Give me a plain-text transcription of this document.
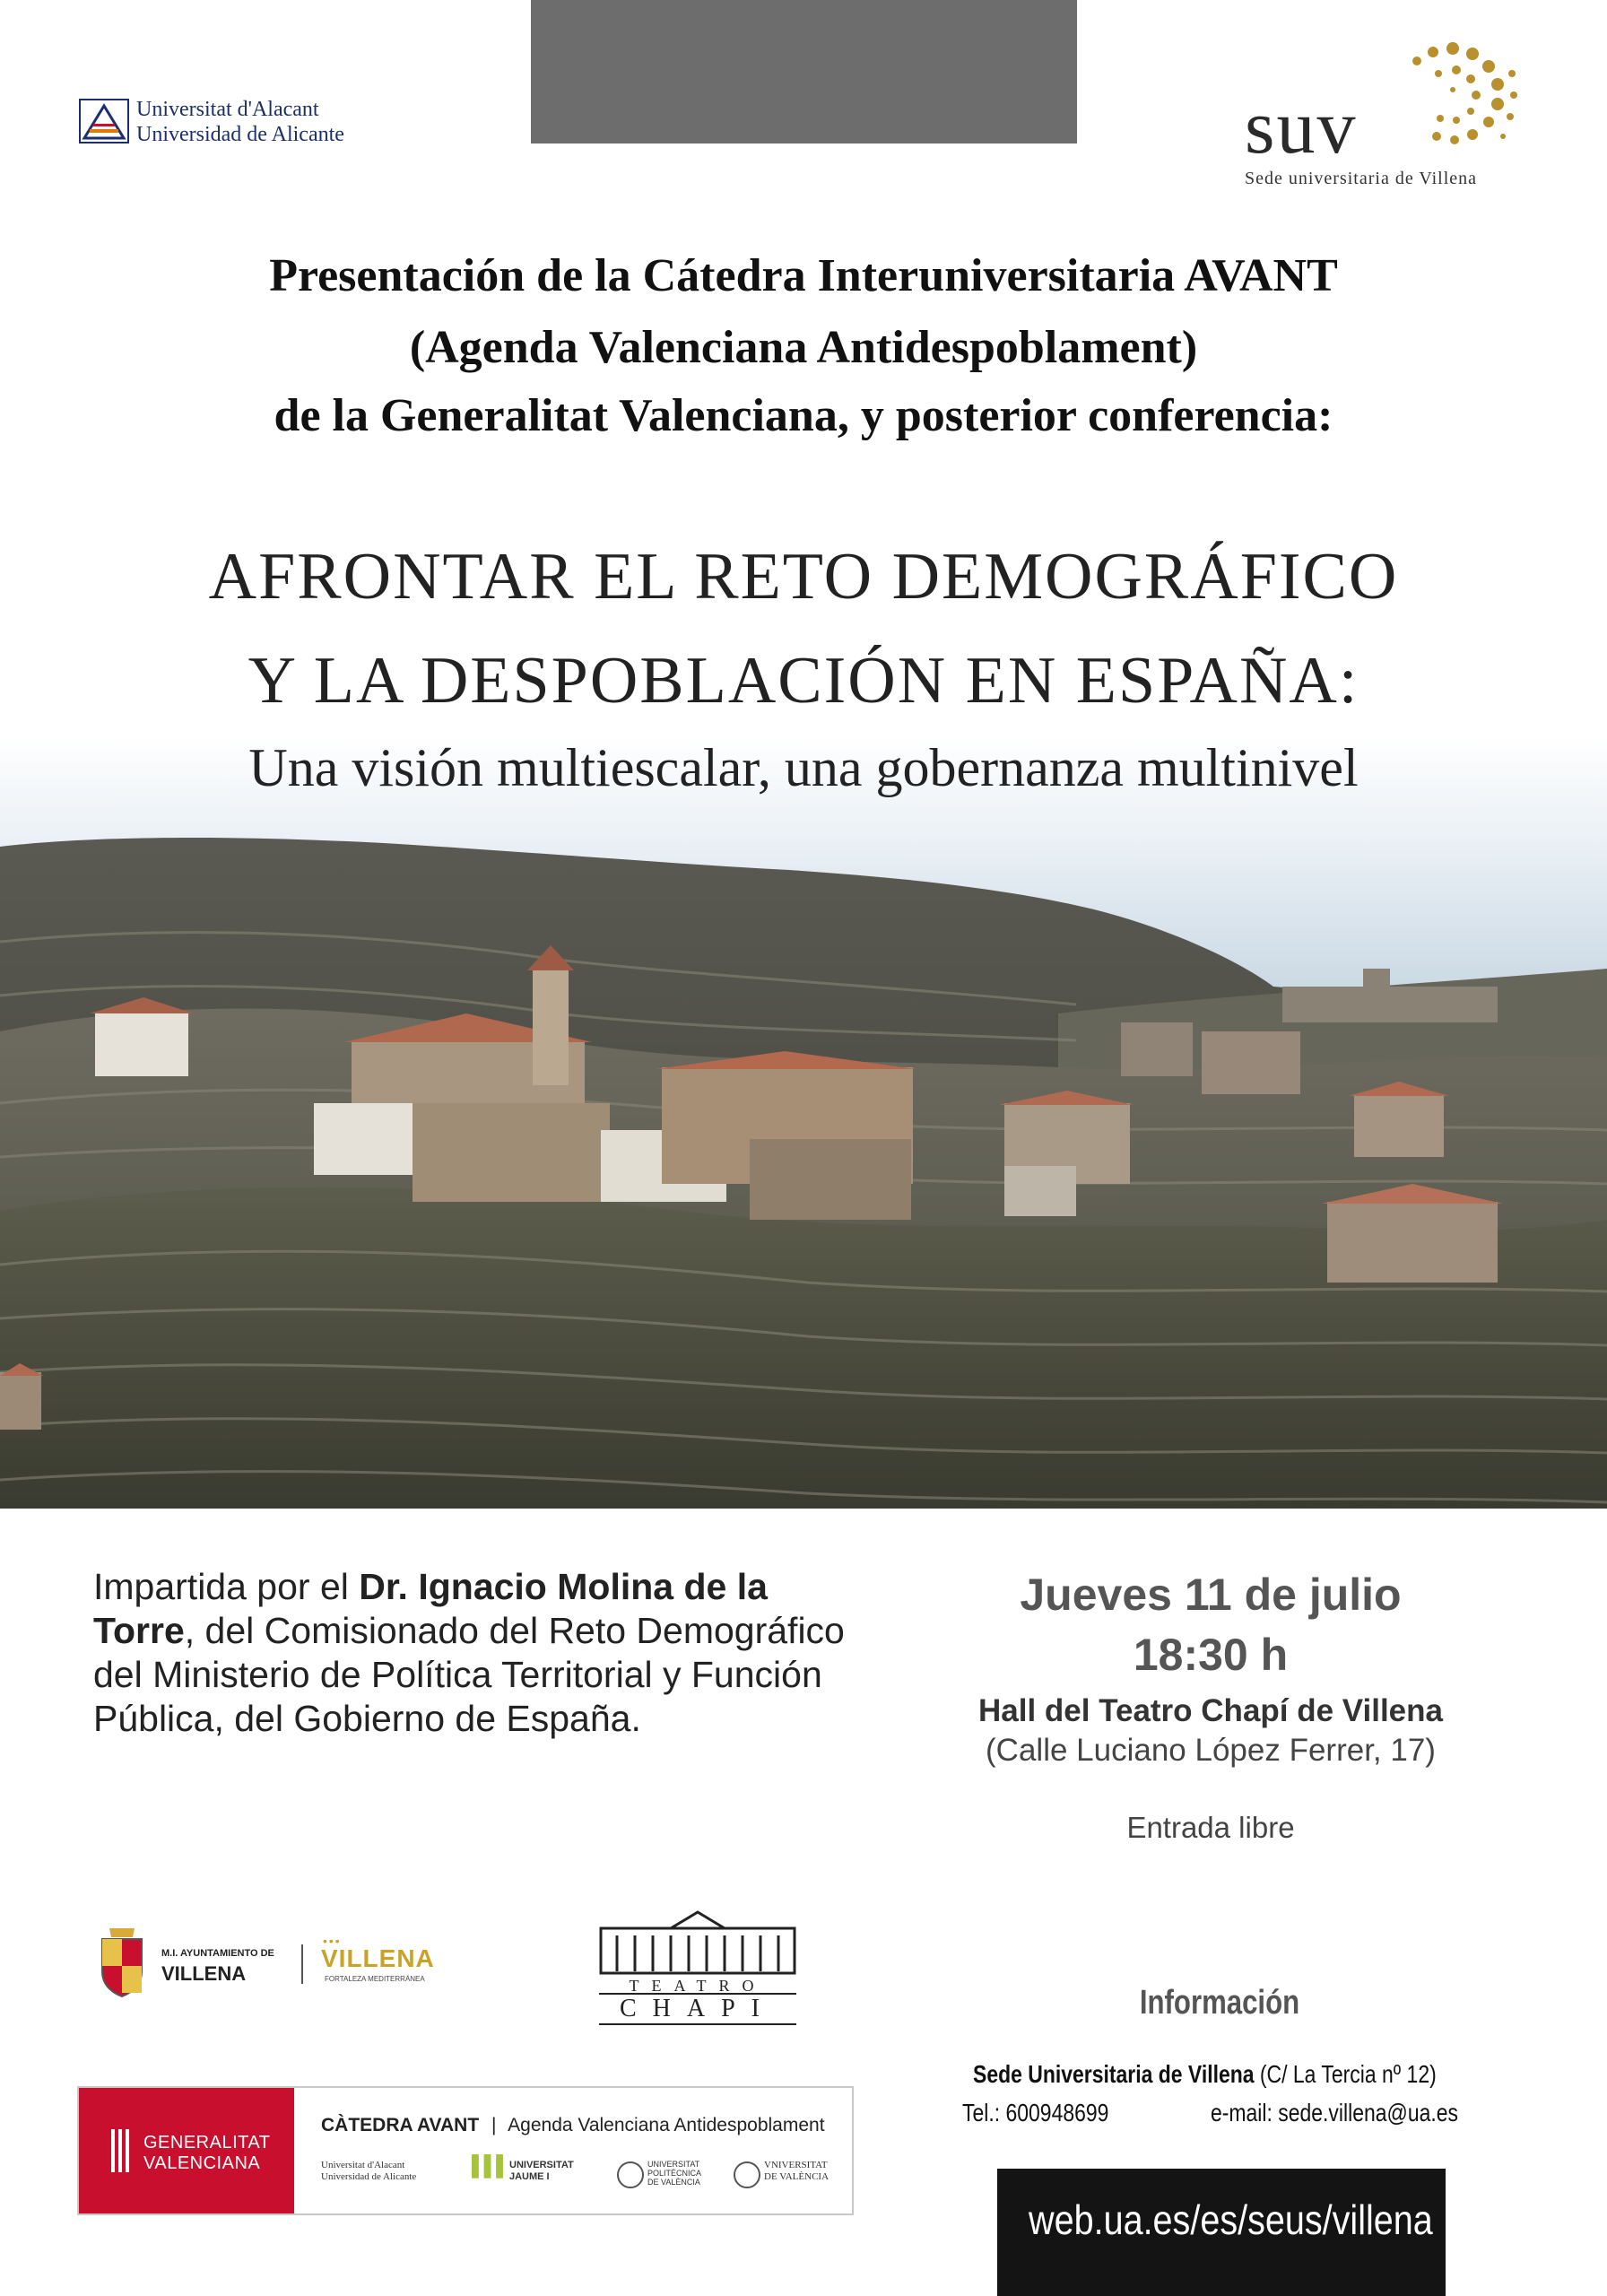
Universitat d'Alacant
Universidad de Alicante	suv
Sede universitaria de Villena
Presentación de la Cátedra Interuniversitaria AVANT
(Agenda Valenciana Antidespoblament)
de la Generalitat Valenciana, y posterior conferencia:
AFRONTAR EL RETO DEMOGRÁFICO
Y LA DESPOBLACIÓN EN ESPAÑA:
Una visión multiescalar, una gobernanza multinivel
Impartida por el Dr. Ignacio Molina de la Torre, del Comisionado del Reto Demográfico del Ministerio de Política Territorial y Función Pública, del Gobierno de España.
Jueves 11 de julio
18:30 h
Hall del Teatro Chapí de Villena
(Calle Luciano López Ferrer, 17)
Entrada libre
M.I. AYUNTAMIENTO DE
VILLENA
•••
VILLENA
FORTALEZA MEDITERRÁNEA	TEATRO
CHAPI	Información
Sede Universitaria de Villena (C/ La Tercia nº 12)
Tel.: 600948699	e-mail: sede.villena@ua.es
GENERALITAT
VALENCIANA
CÀTEDRA AVANT | Agenda Valenciana Antidespoblament
Universitat d'Alacant
Universidad de Alicante	▌▌▌ UNIVERSITAT
JAUME I
UNIVERSITAT
POLITÈCNICA
DE VALÈNCIA
VNIVERSITAT
DE VALÈNCIA
web.ua.es/es/seus/villena
